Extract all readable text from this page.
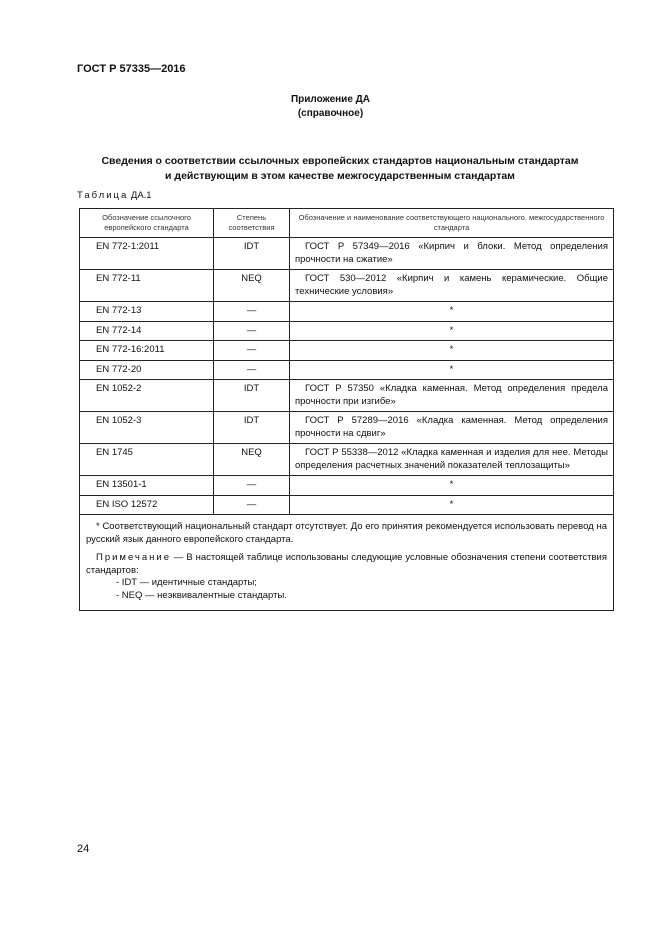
ГОСТ Р 57335—2016
Приложение ДА
(справочное)
Сведения о соответствии ссылочных европейских стандартов национальным стандартам
и действующим в этом качестве межгосударственным стандартам
Таблица ДА.1
Обозначение ссылочного европейского стандарта	Степень соответствия	Обозначение и наименование соответствующего национального. межгосударственного стандарта
EN 772-1:2011	IDT	ГОСТ Р 57349—2016 «Кирпич и блоки. Метод определения прочности на сжатие»
EN 772-11	NEQ	ГОСТ 530—2012 «Кирпич и камень керамические. Общие технические условия»
EN 772-13	—	*
EN 772-14	—	*
EN 772-16:2011	—	*
EN 772-20	—	*
EN 1052-2	IDT	ГОСТ Р 57350 «Кладка каменная. Метод определения предела прочности при изгибе»
EN 1052-3	IDT	ГОСТ Р 57289—2016 «Кладка каменная. Метод определения прочности на сдвиг»
EN 1745	NEQ	ГОСТ Р 55338—2012 «Кладка каменная и изделия для нее. Методы определения расчетных значений показателей теплозащиты»
EN 13501-1	—	*
EN ISO 12572	—	*

* Соответствующий национальный стандарт отсутствует. До его принятия рекомендуется использовать перевод на русский язык данного европейского стандарта.

Примечание — В настоящей таблице использованы следующие условные обозначения степени соответствия стандартов:

- IDT — идентичные стандарты;

- NEQ — неэквивалентные стандарты.		

24
